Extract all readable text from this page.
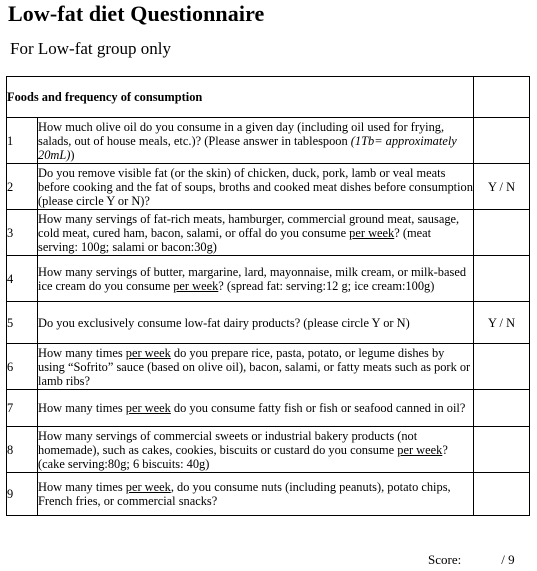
Low-fat diet Questionnaire
For Low-fat group only
Foods and frequency of consumption		
1	How much olive oil do you consume in a given day (including oil used for frying, salads, out of house meals, etc.)? (Please answer in tablespoon (1Tb= approximately 20mL))	
2	Do you remove visible fat (or the skin) of chicken, duck, pork, lamb or veal meats before cooking and the fat of soups, broths and cooked meat dishes before consumption (please circle Y or N)?	Y / N
3	How many servings of fat-rich meats, hamburger, commercial ground meat, sausage, cold meat, cured ham, bacon, salami, or offal do you consume per week? (meat serving: 100g; salami or bacon:30g)	
4	How many servings of butter, margarine, lard, mayonnaise, milk cream, or milk-based ice cream do you consume per week? (spread fat: serving:12 g; ice cream:100g)	
5	Do you exclusively consume low-fat dairy products? (please circle Y or N)	Y / N
6	How many times per week do you prepare rice, pasta, potato, or legume dishes by using “Sofrito” sauce (based on olive oil), bacon, salami, or fatty meats such as pork or lamb ribs?	
7	How many times per week do you consume fatty fish or fish or seafood canned in oil?	
8	How many servings of commercial sweets or industrial bakery products (not homemade), such as cakes, cookies, biscuits or custard do you consume per week? (cake serving:80g; 6 biscuits: 40g)	
9	How many times per week, do you consume nuts (including peanuts), potato chips, French fries, or commercial snacks?	
Score:	/ 9
